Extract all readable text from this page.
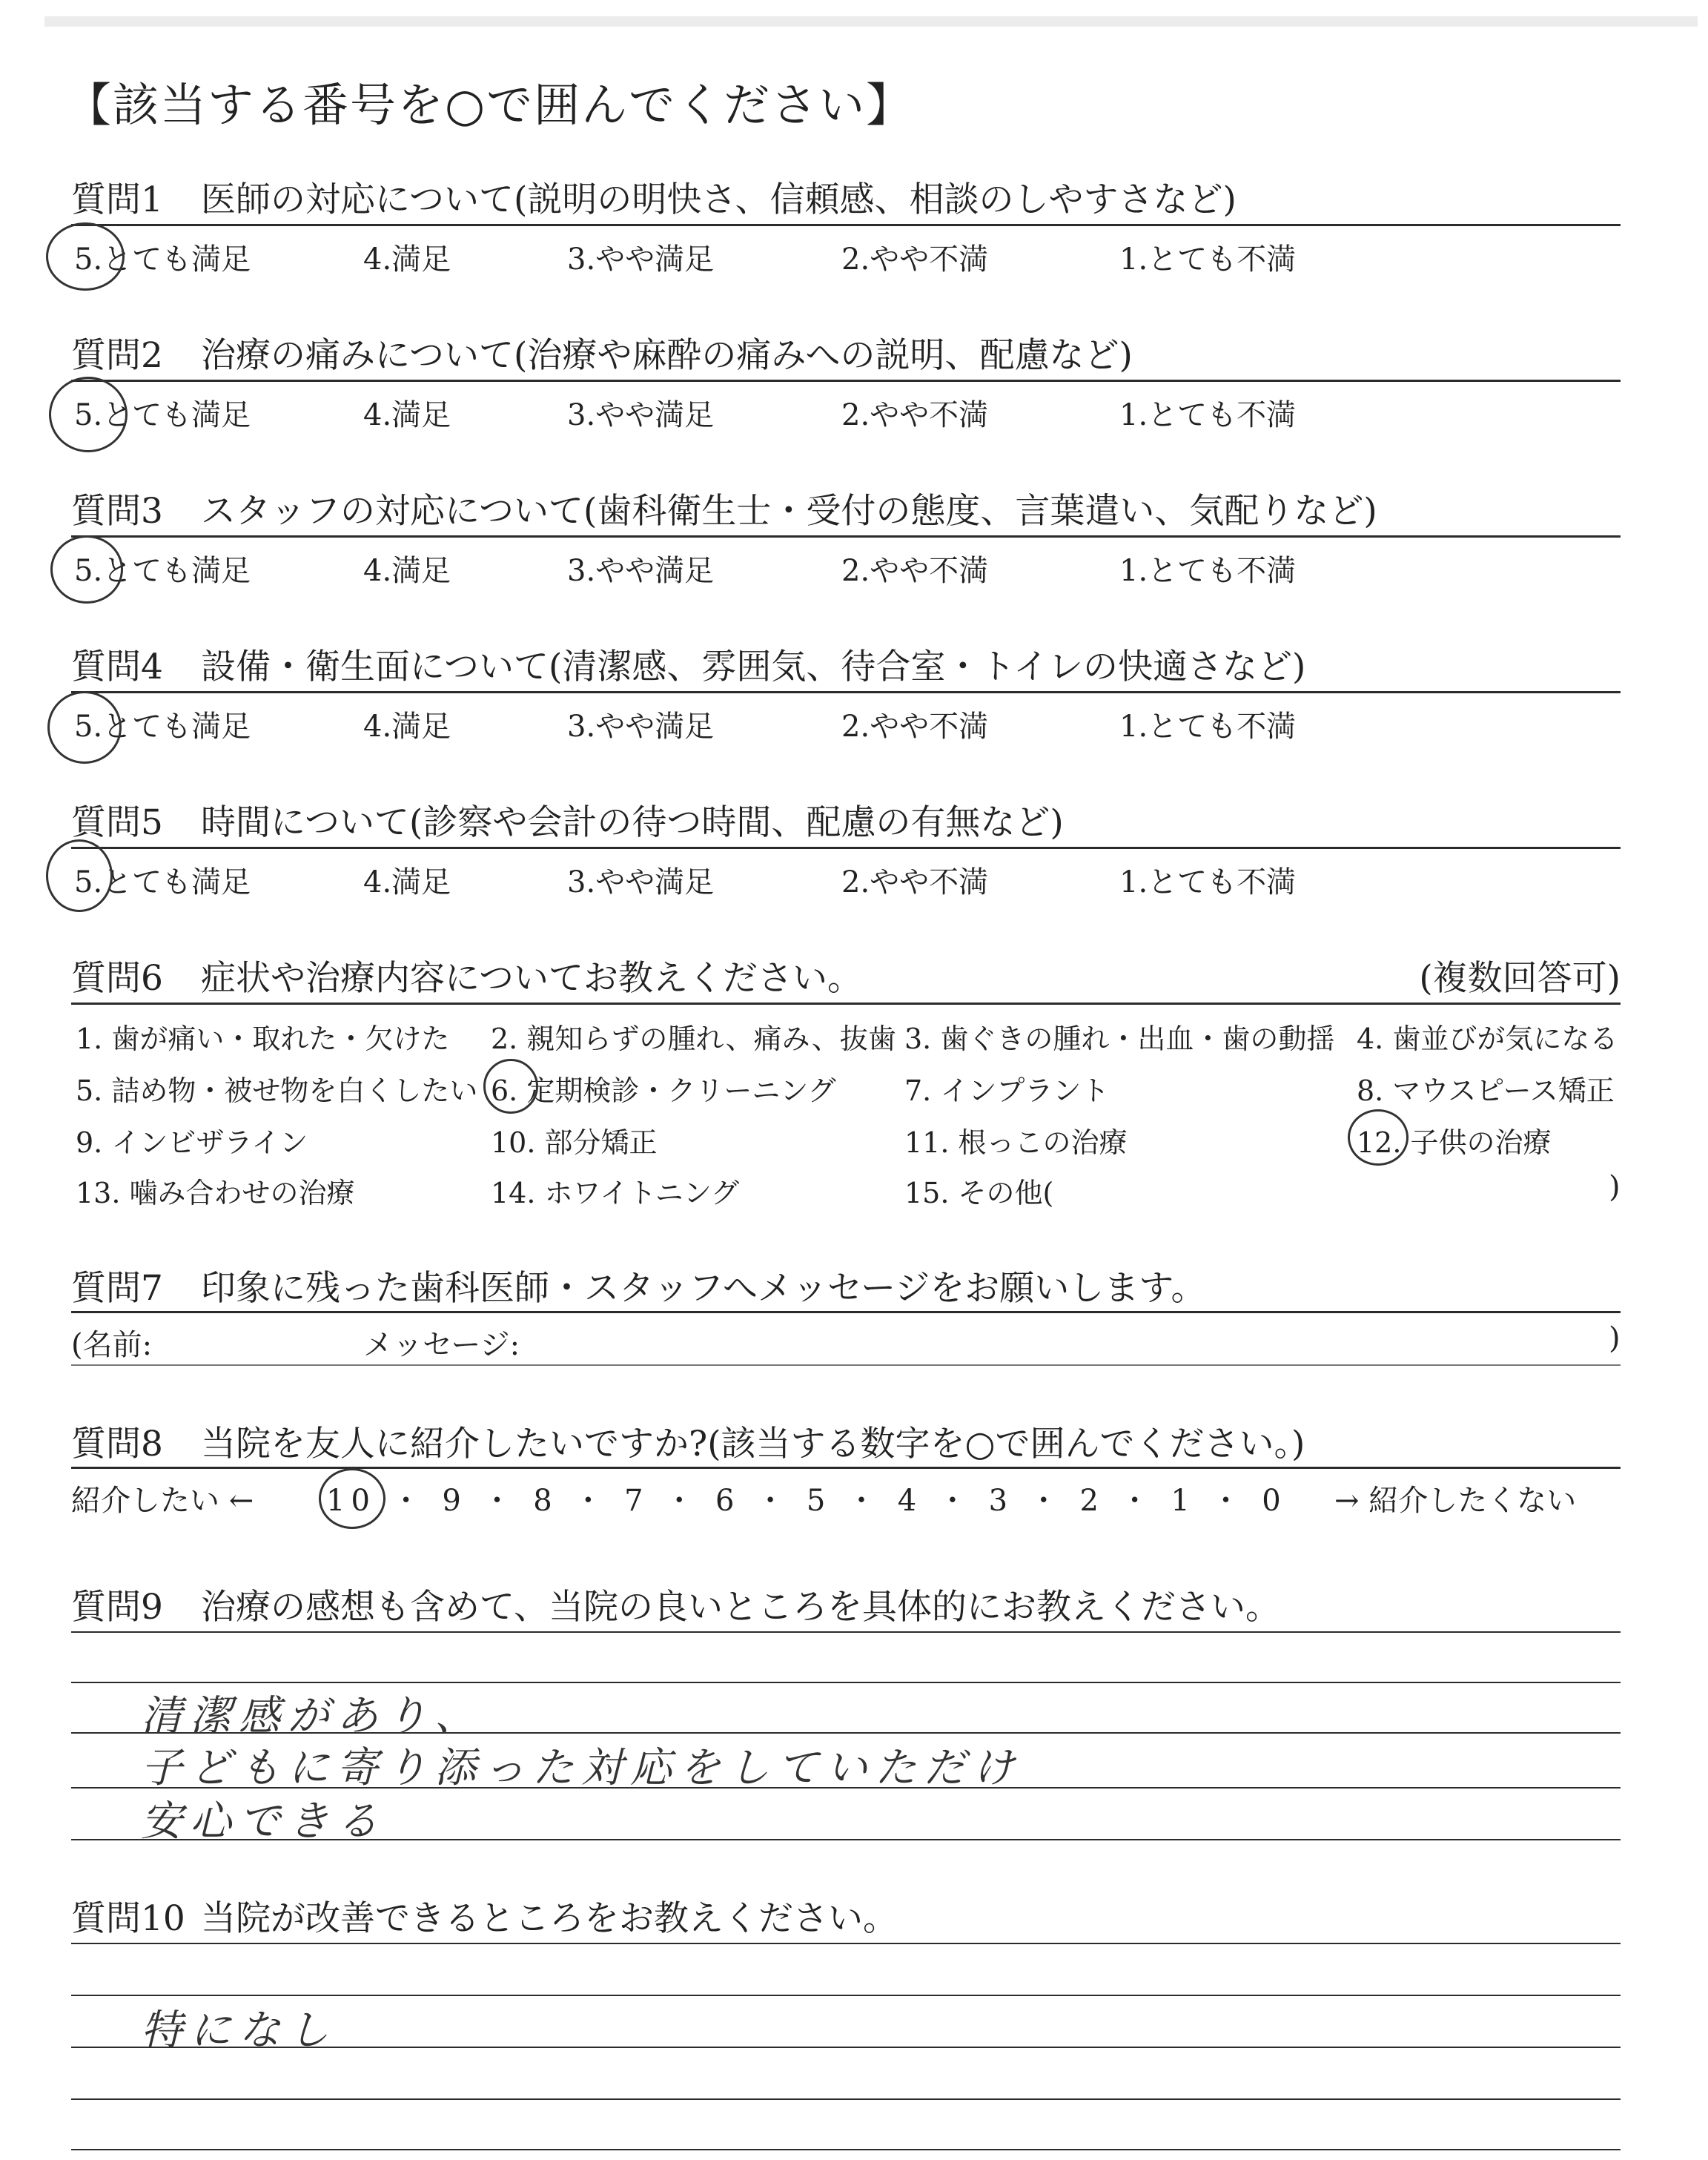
【該当する番号を○で囲んでください】
質問1 医師の対応について(説明の明快さ、信頼感、相談のしやすさなど)
5.とても満足	4.満足	3.やや満足	2.やや不満	1.とても不満
質問2 治療の痛みについて(治療や麻酔の痛みへの説明、配慮など)
5.とても満足	4.満足	3.やや満足	2.やや不満	1.とても不満
質問3 スタッフの対応について(歯科衛生士・受付の態度、言葉遣い、気配りなど)
5.とても満足	4.満足	3.やや満足	2.やや不満	1.とても不満
質問4 設備・衛生面について(清潔感、雰囲気、待合室・トイレの快適さなど)
5.とても満足	4.満足	3.やや満足	2.やや不満	1.とても不満
質問5 時間について(診察や会計の待つ時間、配慮の有無など)
5.とても満足	4.満足	3.やや満足	2.やや不満	1.とても不満
質問6 症状や治療内容についてお教えください。	(複数回答可)
1. 歯が痛い・取れた・欠けた 2. 親知らずの腫れ、痛み、抜歯 3. 歯ぐきの腫れ・出血・歯の動揺 4. 歯並びが気になる
5. 詰め物・被せ物を白くしたい 6. 定期検診・クリーニング 7. インプラント	8. マウスピース矯正
9. インビザライン	10. 部分矯正	11. 根っこの治療	12. 子供の治療
13. 噛み合わせの治療	14. ホワイトニング	15. その他(	)
質問7 印象に残った歯科医師・スタッフへメッセージをお願いします。
(名前:	メッセージ:	)
質問8 当院を友人に紹介したいですか?(該当する数字を○で囲んでください。)
紹介したい ← 10 ・ 9 ・ 8 ・ 7 ・ 6 ・ 5 ・ 4 ・ 3 ・ 2 ・ 1 ・ 0 → 紹介したくない
質問9 治療の感想も含めて、当院の良いところを具体的にお教えください。
清潔感があり、
子どもに寄り添った対応をしていただけ
安心できる
質問10 当院が改善できるところをお教えください。
特になし
